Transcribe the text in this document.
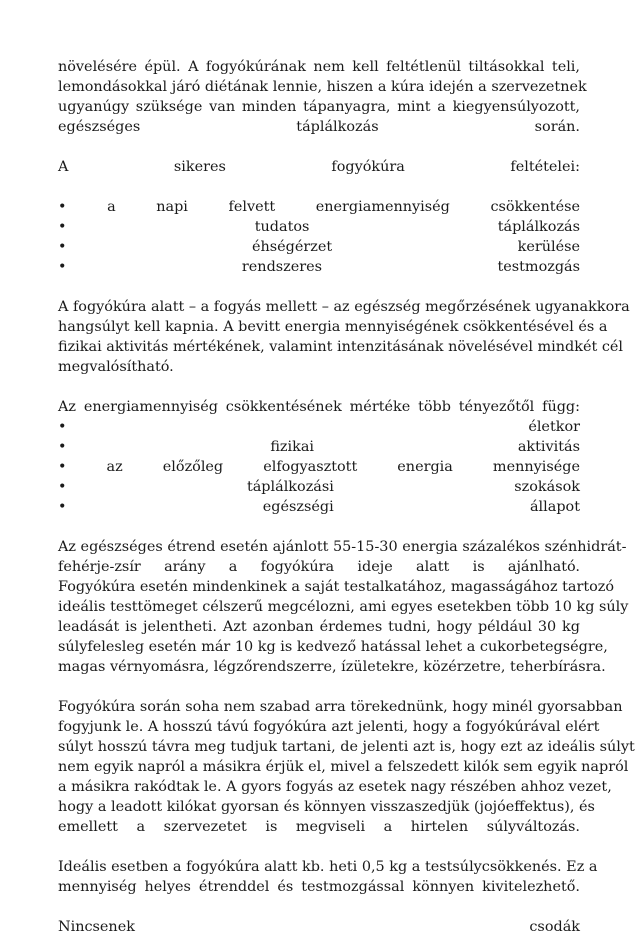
növelésére épül. A fogyókúrának nem kell feltétlenül tiltásokkal teli,
lemondásokkal járó diétának lennie, hiszen a kúra idején a szervezetnek
ugyanúgy szüksége van minden tápanyagra, mint a kiegyensúlyozott,
egészséges táplálkozás során.
A sikeres fogyókúra feltételei:
• a napi felvett energiamennyiség csökkentése
• tudatos táplálkozás
• éhségérzet kerülése
• rendszeres testmozgás
A fogyókúra alatt – a fogyás mellett – az egészség megőrzésének ugyanakkora
hangsúlyt kell kapnia. A bevitt energia mennyiségének csökkentésével és a
fizikai aktivitás mértékének, valamint intenzitásának növelésével mindkét cél
megvalósítható.
Az energiamennyiség csökkentésének mértéke több tényezőtől függ:
• életkor
• fizikai aktivitás
• az előzőleg elfogyasztott energia mennyisége
• táplálkozási szokások
• egészségi állapot
Az egészséges étrend esetén ajánlott 55-15-30 energia százalékos szénhidrát-
fehérje-zsír arány a fogyókúra ideje alatt is ajánlható.
Fogyókúra esetén mindenkinek a saját testalkatához, magasságához tartozó
ideális testtömeget célszerű megcélozni, ami egyes esetekben több 10 kg súly
leadását is jelentheti. Azt azonban érdemes tudni, hogy például 30 kg
súlyfelesleg esetén már 10 kg is kedvező hatással lehet a cukorbetegségre,
magas vérnyomásra, légzőrendszerre, ízületekre, közérzetre, teherbírásra.
Fogyókúra során soha nem szabad arra törekednünk, hogy minél gyorsabban
fogyjunk le. A hosszú távú fogyókúra azt jelenti, hogy a fogyókúrával elért
súlyt hosszú távra meg tudjuk tartani, de jelenti azt is, hogy ezt az ideális súlyt
nem egyik napról a másikra érjük el, mivel a felszedett kilók sem egyik napról
a másikra rakódtak le. A gyors fogyás az esetek nagy részében ahhoz vezet,
hogy a leadott kilókat gyorsan és könnyen visszaszedjük (jojóeffektus), és
emellett a szervezetet is megviseli a hirtelen súlyváltozás.
Ideális esetben a fogyókúra alatt kb. heti 0,5 kg a testsúlycsökkenés. Ez a
mennyiség helyes étrenddel és testmozgással könnyen kivitelezhető.
Nincsenek csodák
